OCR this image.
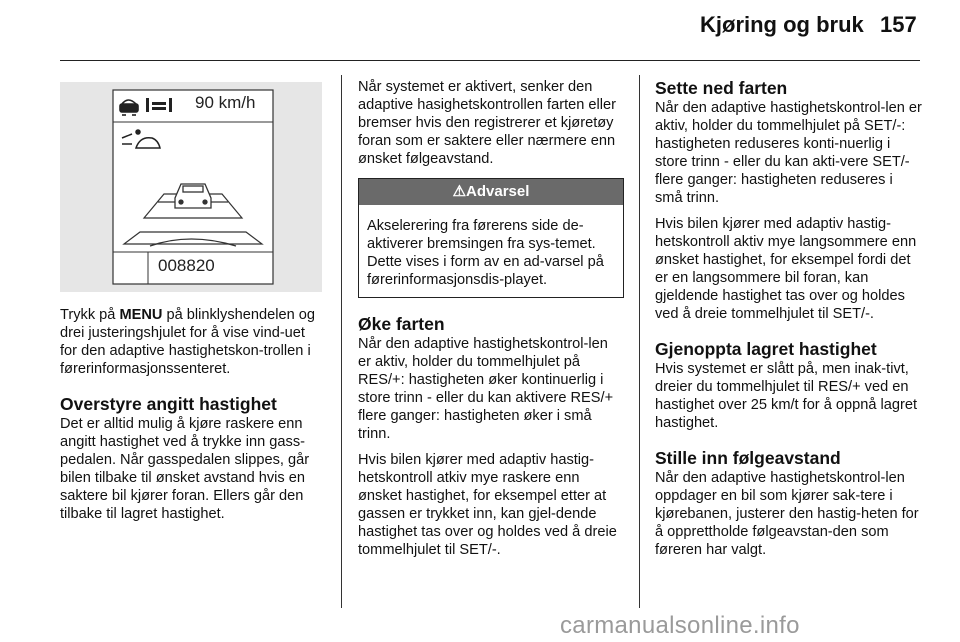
Kjøring og bruk 157
90 km/h
008820

Trykk på MENU på blinklyshendelen og drei justeringshjulet for å vise vind-uet for den adaptive hastighetskon-trollen i førerinformasjonssenteret.

Overstyre angitt hastighet

Det er alltid mulig å kjøre raskere enn angitt hastighet ved å trykke inn gass-pedalen. Når gasspedalen slippes, går bilen tilbake til ønsket avstand hvis en saktere bil kjører foran. Ellers går den tilbake til lagret hastighet.

Når systemet er aktivert, senker den adaptive hasighetskontrollen farten eller bremser hvis den registrerer et kjøretøy foran som er saktere eller nærmere enn ønsket følgeavstand.

⚠Advarsel
Akselerering fra førerens side de-aktiverer bremsingen fra sys-temet. Dette vises i form av en ad-varsel på førerinformasjonsdis-playet.
Øke farten

Når den adaptive hastighetskontrol-len er aktiv, holder du tommelhjulet på RES/+: hastigheten øker kontinuerlig i store trinn - eller du kan aktivere RES/+ flere ganger: hastigheten øker i små trinn.

Hvis bilen kjører med adaptiv hastig-hetskontroll atkiv mye raskere enn ønsket hastighet, for eksempel etter at gassen er trykket inn, kan gjel-dende hastighet tas over og holdes ved å dreie tommelhjulet til SET/-.

Sette ned farten

Når den adaptive hastighetskontrol-len er aktiv, holder du tommelhjulet på SET/-: hastigheten reduseres konti-nuerlig i store trinn - eller du kan akti-vere SET/- flere ganger: hastigheten reduseres i små trinn.

Hvis bilen kjører med adaptiv hastig-hetskontroll aktiv mye langsommere enn ønsket hastighet, for eksempel fordi det er en langsommere bil foran, kan gjeldende hastighet tas over og holdes ved å dreie tommelhjulet til SET/-.

Gjenoppta lagret hastighet

Hvis systemet er slått på, men inak-tivt, dreier du tommelhjulet til RES/+ ved en hastighet over 25 km/t for å oppnå lagret hastighet.

Stille inn følgeavstand

Når den adaptive hastighetskontrol-len oppdager en bil som kjører sak-tere i kjørebanen, justerer den hastig-heten for å opprettholde følgeavstan-den som føreren har valgt.

carmanualsonline.info
